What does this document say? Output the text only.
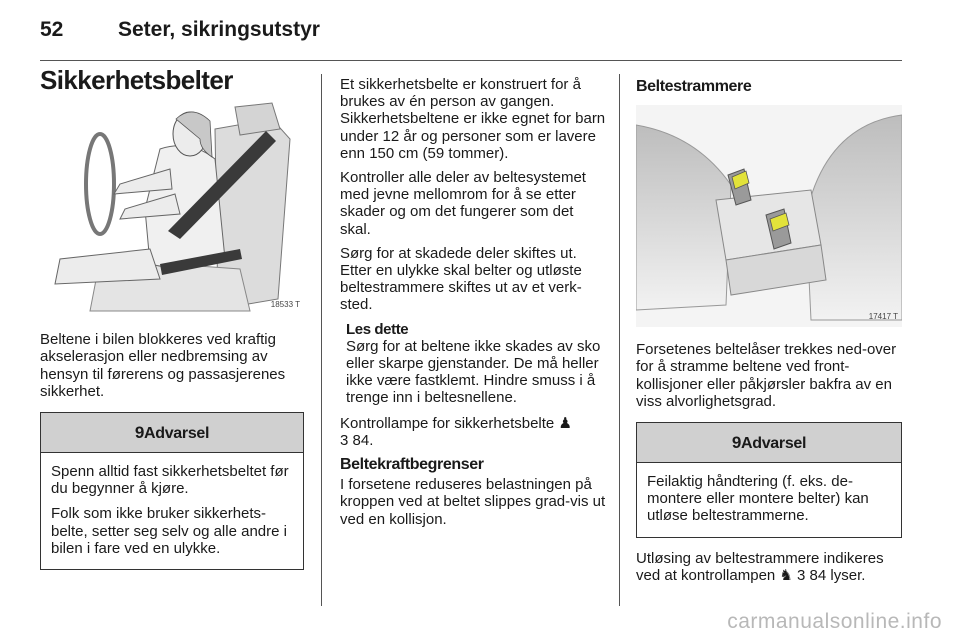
52	Seter, sikringsutstyr
Sikkerhetsbelter
18533 T

Beltene i bilen blokkeres ved kraftig akselerasjon eller nedbremsing av hensyn til førerens og passasjerenes sikkerhet.

9Advarsel

Spenn alltid fast sikkerhetsbeltet før du begynner å kjøre.

Folk som ikke bruker sikkerhets-belte, setter seg selv og alle andre i bilen i fare ved en ulykke.

Et sikkerhetsbelte er konstruert for å brukes av én person av gangen. Sikkerhetsbeltene er ikke egnet for barn under 12 år og personer som er lavere enn 150 cm (59 tommer).

Kontroller alle deler av beltesystemet med jevne mellomrom for å se etter skader og om det fungerer som det skal.

Sørg for at skadede deler skiftes ut. Etter en ulykke skal belter og utløste beltestrammere skiftes ut av et verk-sted.

Les dette
Sørg for at beltene ikke skades av sko eller skarpe gjenstander. De må heller ikke være fastklemt. Hindre smuss i å trenge inn i beltesnellene.

Kontrollampe for sikkerhetsbelte ♟
3 84.

Beltekraftbegrenser

I forsetene reduseres belastningen på kroppen ved at beltet slippes grad-vis ut ved en kollisjon.

Beltestrammere
17417 T

Forsetenes beltelåser trekkes ned-over for å stramme beltene ved front-kollisjoner eller påkjørsler bakfra av en viss alvorlighetsgrad.

9Advarsel

Feilaktig håndtering (f. eks. de-montere eller montere belter) kan utløse beltestrammerne.

Utløsing av beltestrammere indikeres ved at kontrollampen ♞ 3 84 lyser.

carmanualsonline.info
